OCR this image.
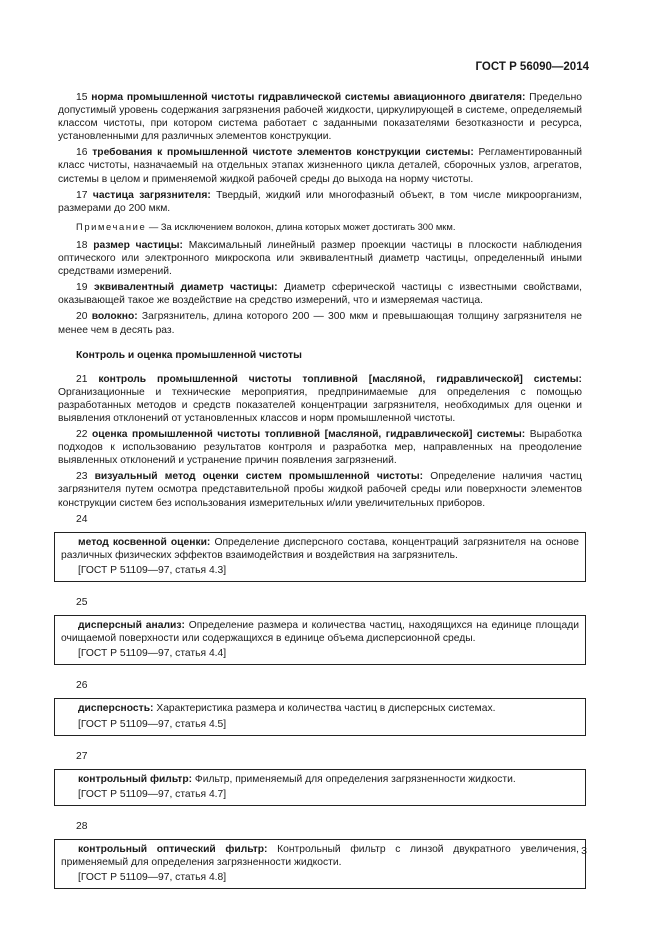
ГОСТ Р 56090—2014

15 норма промышленной чистоты гидравлической системы авиационного двигателя: Предельно допустимый уровень содержания загрязнения рабочей жидкости, циркулирующей в системе, определяемый классом чистоты, при котором система работает с заданными показателями безотказности и ресурса, установленными для различных элементов конструкции.

16 требования к промышленной чистоте элементов конструкции системы: Регламентированный класс чистоты, назначаемый на отдельных этапах жизненного цикла деталей, сборочных узлов, агрегатов, системы в целом и применяемой жидкой рабочей среды до выхода на норму чистоты.

17 частица загрязнителя: Твердый, жидкий или многофазный объект, в том числе микроорганизм, размерами до 200 мкм.

Примечание — За исключением волокон, длина которых может достигать 300 мкм.

18 размер частицы: Максимальный линейный размер проекции частицы в плоскости наблюдения оптического или электронного микроскопа или эквивалентный диаметр частицы, определенный иными средствами измерений.

19 эквивалентный диаметр частицы: Диаметр сферической частицы с известными свойствами, оказывающей такое же воздействие на средство измерений, что и измеряемая частица.

20 волокно: Загрязнитель, длина которого 200 — 300 мкм и превышающая толщину загрязнителя не менее чем в десять раз.

Контроль и оценка промышленной чистоты

21 контроль промышленной чистоты топливной [масляной, гидравлической] системы: Организационные и технические мероприятия, предпринимаемые для определения с помощью разработанных методов и средств показателей концентрации загрязнителя, необходимых для оценки и выявления отклонений от установленных классов и норм промышленной чистоты.

22 оценка промышленной чистоты топливной [масляной, гидравлической] системы: Выработка подходов к использованию результатов контроля и разработка мер, направленных на преодоление выявленных отклонений и устранение причин появления загрязнений.

23 визуальный метод оценки систем промышленной чистоты: Определение наличия частиц загрязнителя путем осмотра представительной пробы жидкой рабочей среды или поверхности элементов конструкции систем без использования измерительных и/или увеличительных приборов.

24

метод косвенной оценки: Определение дисперсного состава, концентраций загрязнителя на основе различных физических эффектов взаимодействия и воздействия на загрязнитель.

[ГОСТ Р 51109—97, статья 4.3]

25

дисперсный анализ: Определение размера и количества частиц, находящихся на единице площади очищаемой поверхности или содержащихся в единице объема дисперсионной среды.

[ГОСТ Р 51109—97, статья 4.4]

26

дисперсность: Характеристика размера и количества частиц в дисперсных системах.

[ГОСТ Р 51109—97, статья 4.5]

27

контрольный фильтр: Фильтр, применяемый для определения загрязненности жидкости.

[ГОСТ Р 51109—97, статья 4.7]

28

контрольный оптический фильтр: Контрольный фильтр с линзой двукратного увеличения, применяемый для определения загрязненности жидкости.

[ГОСТ Р 51109—97, статья 4.8]

3
